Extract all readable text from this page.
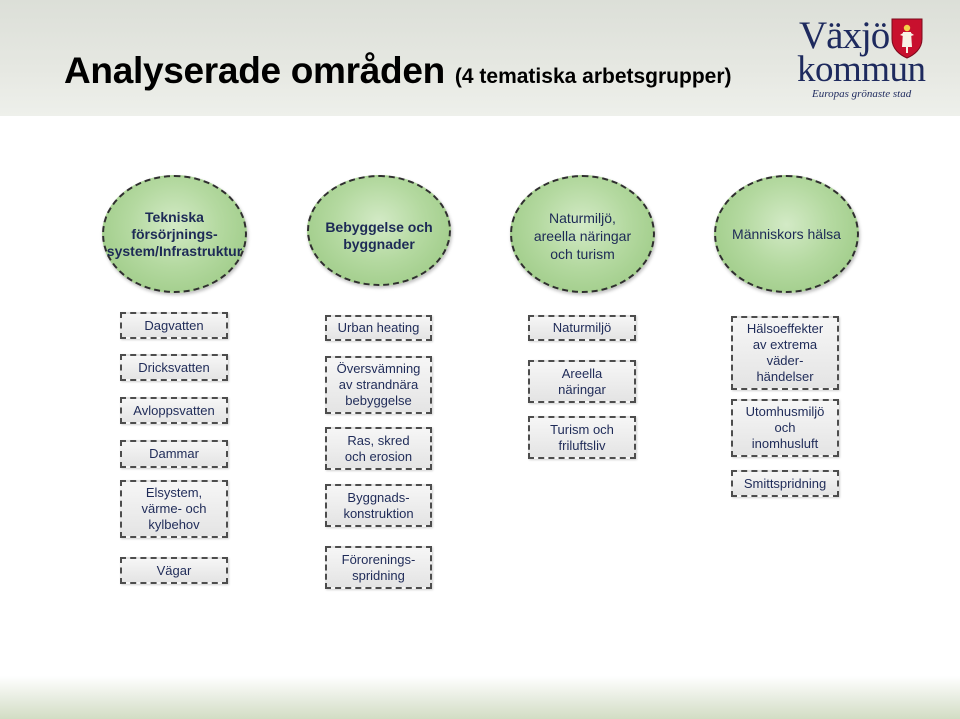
Analyserade områden (4 tematiska arbetsgrupper)
Växjö
kommun
Europas grönaste stad
Tekniska
försörjnings-
system/Infrastruktur
Bebyggelse och
byggnader
Naturmiljö,
areella näringar
och turism
Människors hälsa
Dagvatten
Dricksvatten
Avloppsvatten
Dammar
Elsystem,
värme- och
kylbehov
Vägar
Urban heating
Översvämning
av strandnära
bebyggelse
Ras, skred
och erosion
Byggnads-
konstruktion
Förorenings-
spridning
Naturmiljö
Areella
näringar
Turism och
friluftsliv
Hälsoeffekter
av extrema
väder-
händelser
Utomhusmiljö
och
inomhusluft
Smittspridning
